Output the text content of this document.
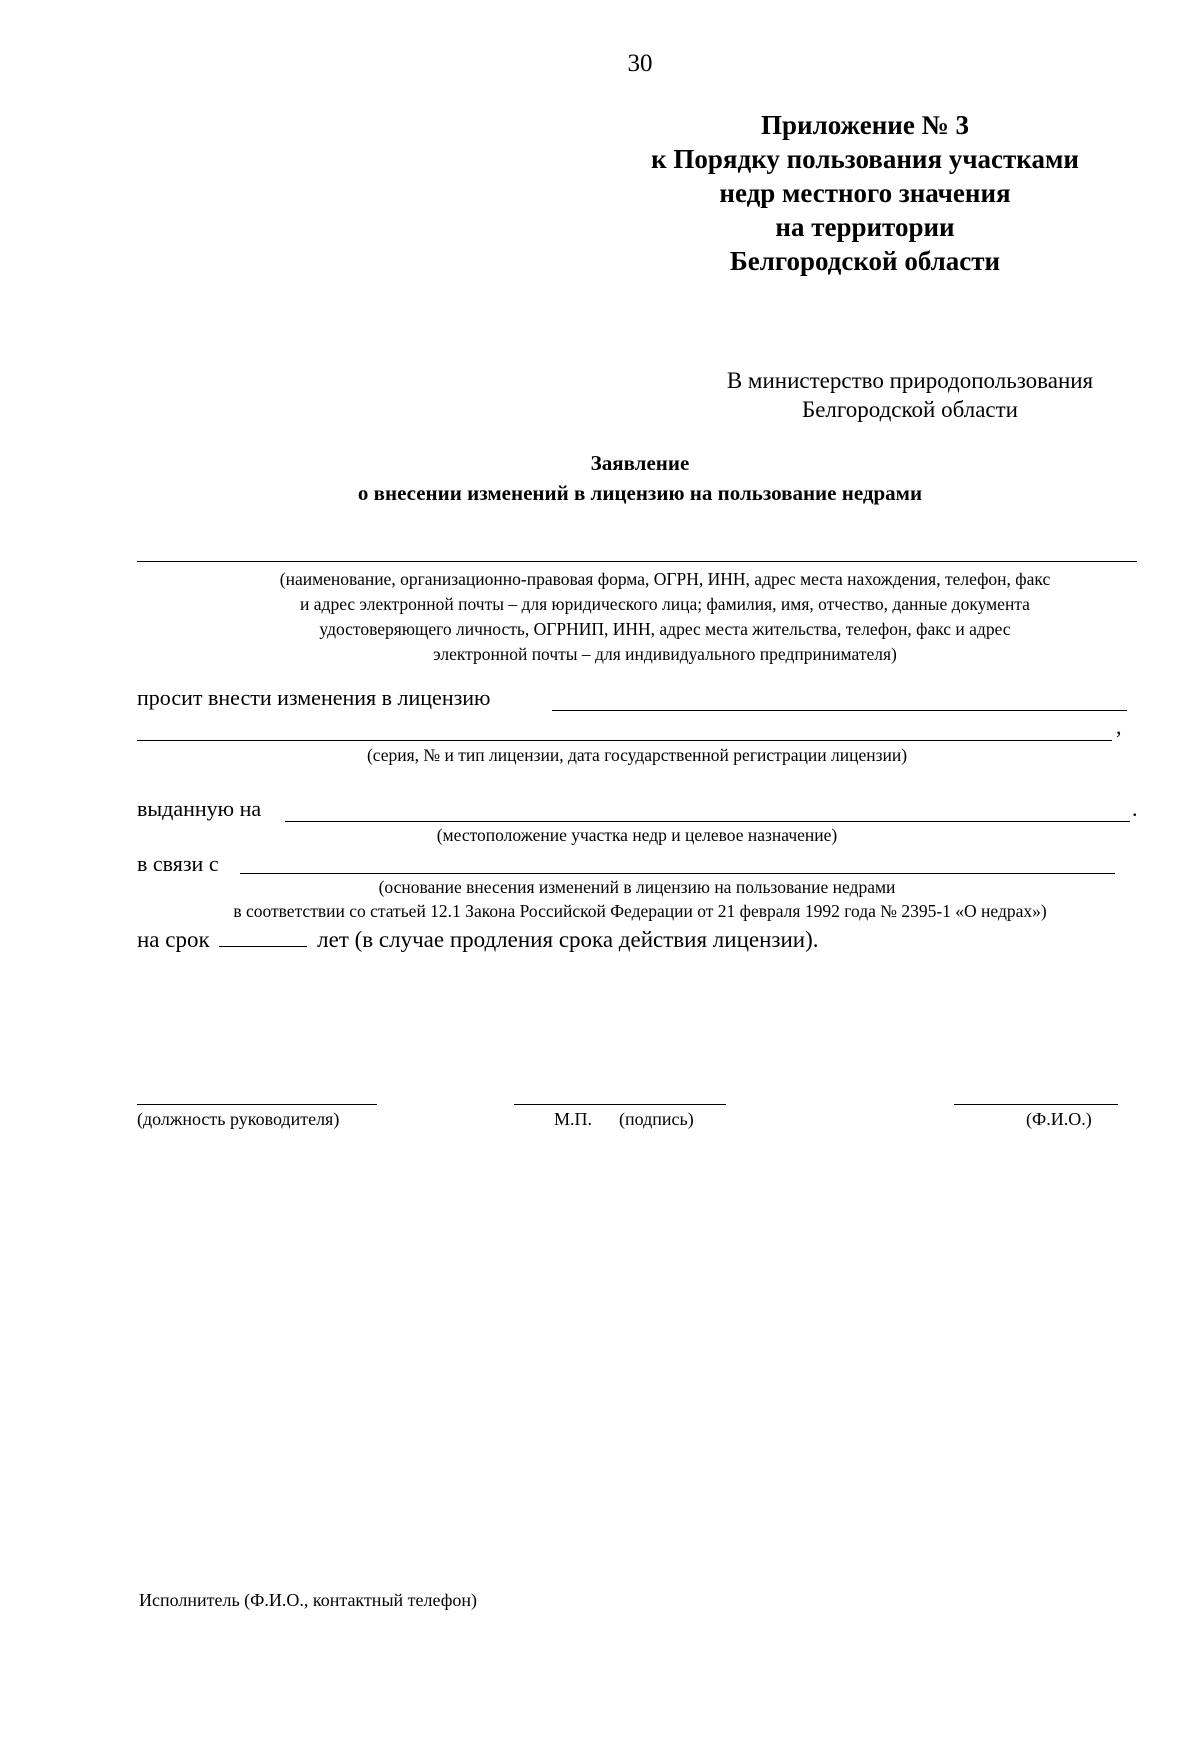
30
Приложение № 3
к Порядку пользования участками
недр местного значения
на территории
Белгородской области
В министерство природопользования
Белгородской области
Заявление
о внесении изменений в лицензию на пользование недрами
(наименование, организационно-правовая форма, ОГРН, ИНН, адрес места нахождения, телефон, факс
и адрес электронной почты – для юридического лица; фамилия, имя, отчество, данные документа
удостоверяющего личность, ОГРНИП, ИНН, адрес места жительства, телефон, факс и адрес
электронной почты – для индивидуального предпринимателя)
просит внести изменения в лицензию
,
(серия, № и тип лицензии, дата государственной регистрации лицензии)
выданную на	.
(местоположение участка недр и целевое назначение)
в связи с
(основание внесения изменений в лицензию на пользование недрами
в соответствии со статьей 12.1 Закона Российской Федерации от 21 февраля 1992 года № 2395-1 «О недрах»)
на срок	лет (в случае продления срока действия лицензии).
(должность руководителя)	М.П. (подпись)	(Ф.И.О.)
Исполнитель (Ф.И.О., контактный телефон)
